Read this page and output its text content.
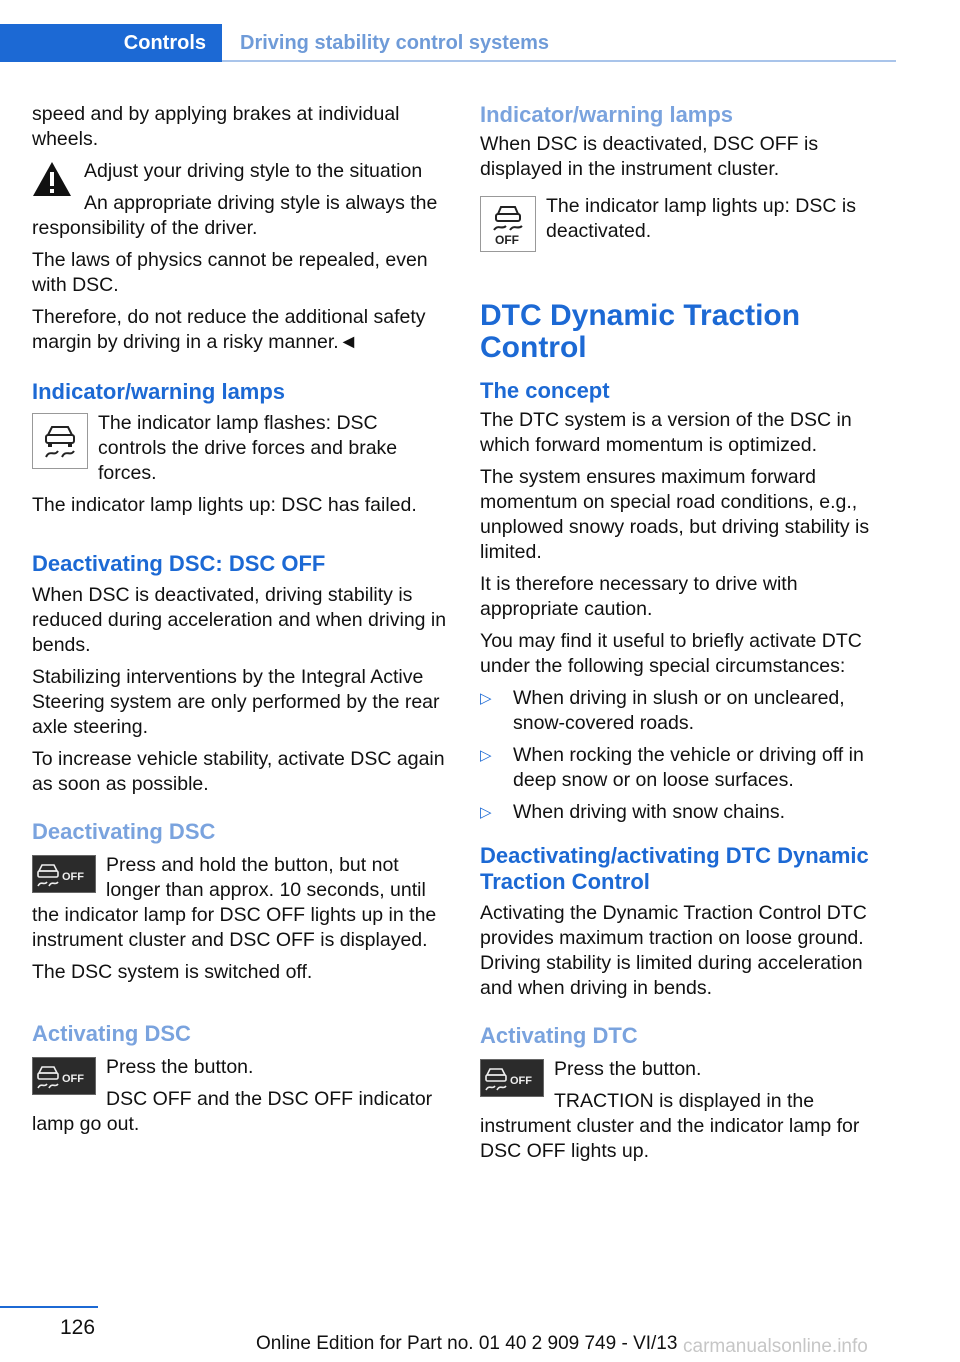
Controls Driving stability control systems

speed and by applying brakes at individual wheels.

Adjust your driving style to the situation

An appropriate driving style is always the responsibility of the driver.

The laws of physics cannot be repealed, even with DSC.

Therefore, do not reduce the additional safety margin by driving in a risky manner.◄

Indicator/warning lamps

The indicator lamp flashes: DSC controls the drive forces and brake forces.

The indicator lamp lights up: DSC has failed.

Deactivating DSC: DSC OFF

When DSC is deactivated, driving stability is reduced during acceleration and when driving in bends.

Stabilizing interventions by the Integral Active Steering system are only performed by the rear axle steering.

To increase vehicle stability, activate DSC again as soon as possible.

Deactivating DSC
OFF

Press and hold the button, but not longer than approx. 10 seconds, until the indicator lamp for DSC OFF lights up in the instrument cluster and DSC OFF is displayed.

The DSC system is switched off.

Activating DSC
OFF

Press the button.

DSC OFF and the DSC OFF indicator lamp go out.

Indicator/warning lamps

When DSC is deactivated, DSC OFF is displayed in the instrument cluster.

OFF

The indicator lamp lights up: DSC is deactivated.

DTC Dynamic Traction Control
The concept

The DTC system is a version of the DSC in which forward momentum is optimized.

The system ensures maximum forward momentum on special road conditions, e.g., unplowed snowy roads, but driving stability is limited.

It is therefore necessary to drive with appropriate caution.

You may find it useful to briefly activate DTC under the following special circumstances:

▷ When driving in slush or on uncleared, snow-covered roads.
▷ When rocking the vehicle or driving off in deep snow or on loose surfaces.
▷ When driving with snow chains.
Deactivating/activating DTC Dynamic Traction Control

Activating the Dynamic Traction Control DTC provides maximum traction on loose ground. Driving stability is limited during acceleration and when driving in bends.

Activating DTC
OFF

Press the button.

TRACTION is displayed in the instrument cluster and the indicator lamp for DSC OFF lights up.

126
Online Edition for Part no. 01 40 2 909 749 - VI/13 carmanualsonline.info
